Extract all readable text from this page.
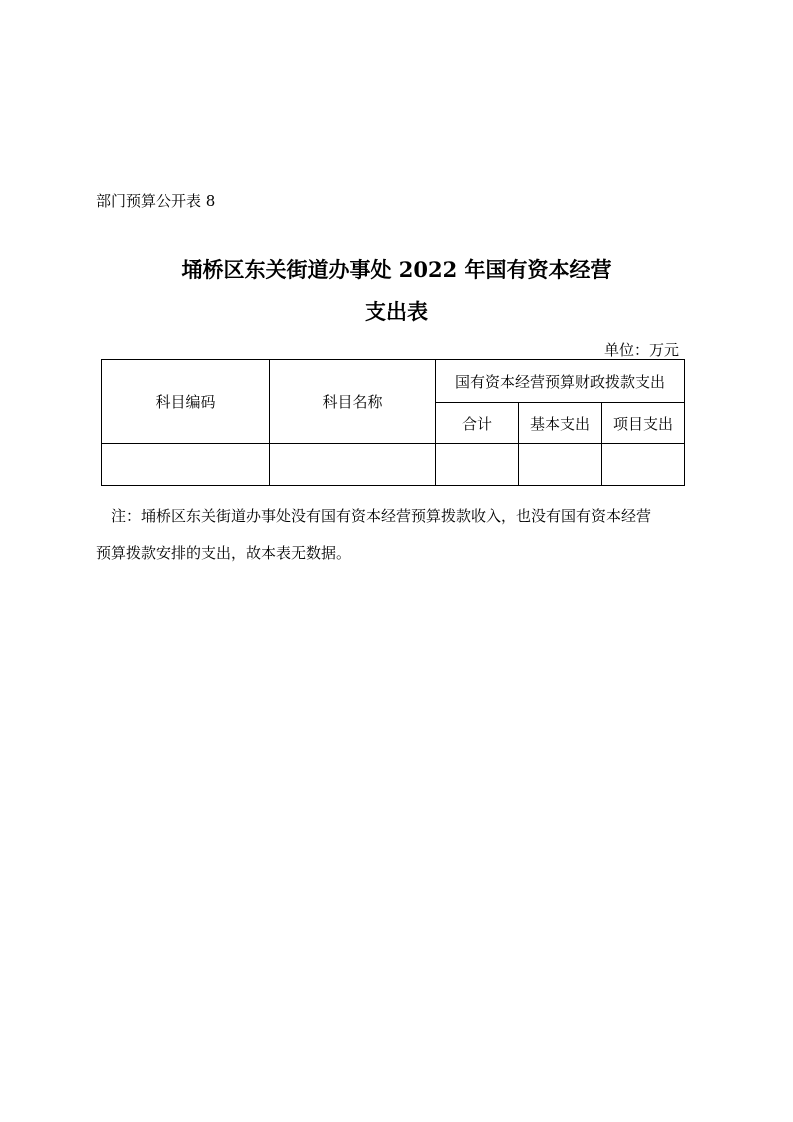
部门预算公开表 8
埇桥区东关街道办事处 2022 年国有资本经营
支出表
单位：万元
科目编码	科目名称	国有资本经营预算财政拨款支出		
		合计	基本支出	项目支出

注：埇桥区东关街道办事处没有国有资本经营预算拨款收入，也没有国有资本经营
预算拨款安排的支出，故本表无数据。
